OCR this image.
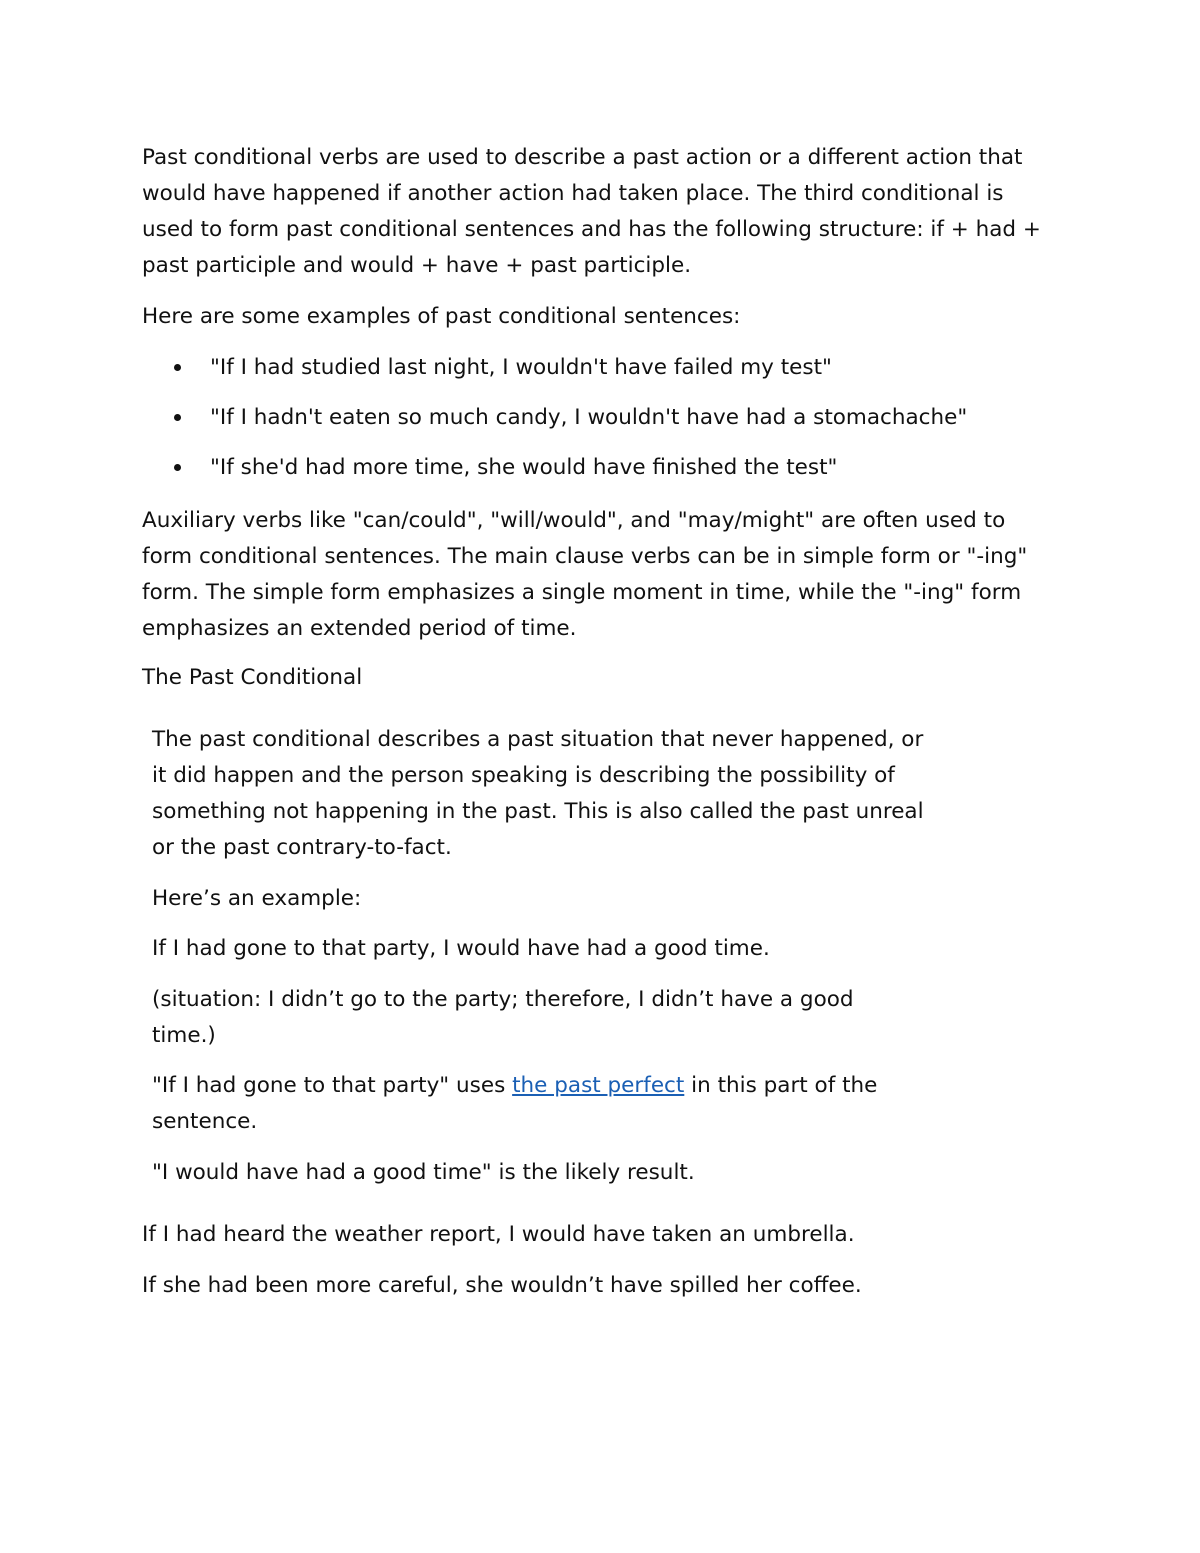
Past conditional verbs are used to describe a past action or a different action that
would have happened if another action had taken place. The third conditional is
used to form past conditional sentences and has the following structure: if + had +
past participle and would + have + past participle.

Here are some examples of past conditional sentences:

"If I had studied last night, I wouldn't have failed my test"
"If I hadn't eaten so much candy, I wouldn't have had a stomachache"
"If she'd had more time, she would have finished the test"

Auxiliary verbs like "can/could", "will/would", and "may/might" are often used to
form conditional sentences. The main clause verbs can be in simple form or "-ing"
form. The simple form emphasizes a single moment in time, while the "-ing" form
emphasizes an extended period of time.

The Past Conditional

The past conditional describes a past situation that never happened, or
it did happen and the person speaking is describing the possibility of
something not happening in the past. This is also called the past unreal
or the past contrary-to-fact.

Here’s an example:

If I had gone to that party, I would have had a good time.

(situation: I didn’t go to the party; therefore, I didn’t have a good
time.)

"If I had gone to that party" uses the past perfect in this part of the
sentence.

"I would have had a good time" is the likely result.

If I had heard the weather report, I would have taken an umbrella.

If she had been more careful, she wouldn’t have spilled her coffee.
